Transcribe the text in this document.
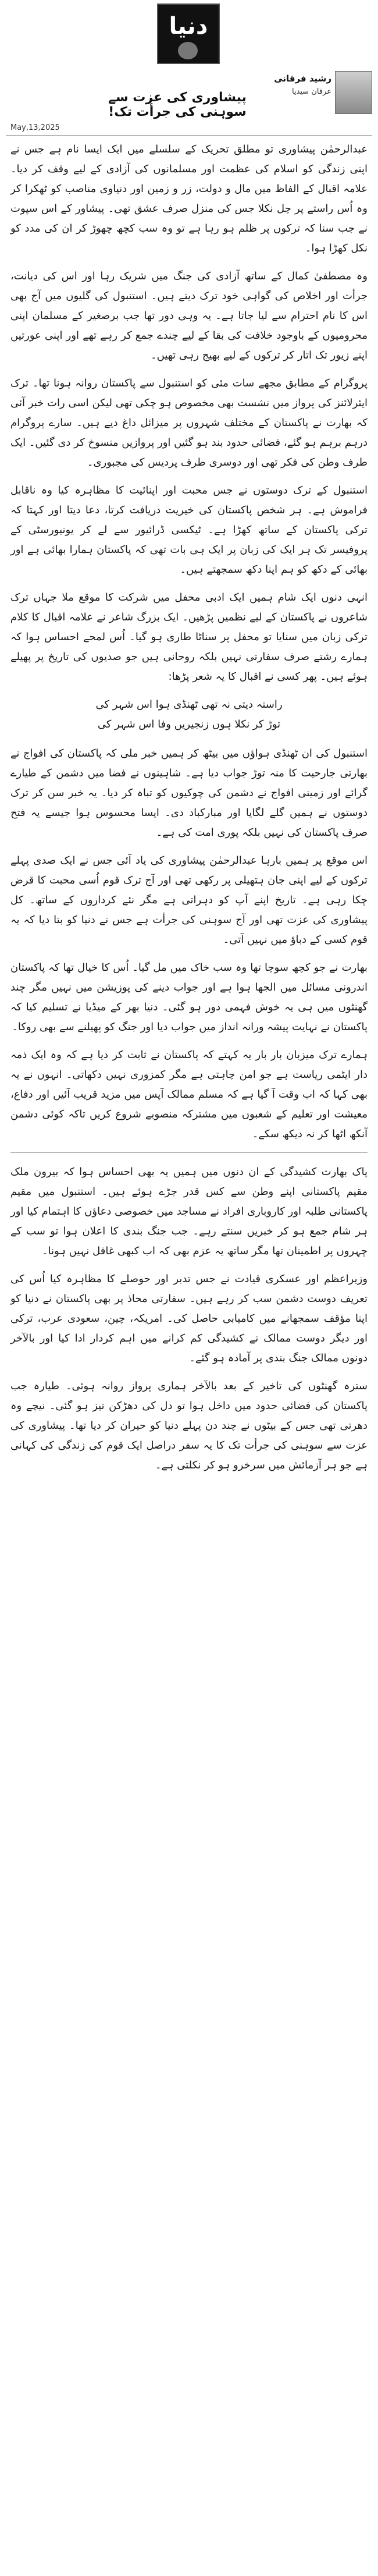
دنیا
رشید فرقانی
عرفان سیدیا
پیشاوری کی عزت سے سوہنی کی جرأت تک!
May,13,2025

عبدالرحمٰن پیشاوری تو مطلق تحریک کے سلسلے میں ایک ایسا نام ہے جس نے اپنی زندگی کو اسلام کی عظمت اور مسلمانوں کی آزادی کے لیے وقف کر دیا۔ علامہ اقبال کے الفاظ میں مال و دولت، زر و زمین اور دنیاوی مناصب کو ٹھکرا کر وہ اُس راستے پر چل نکلا جس کی منزل صرف عشق تھی۔ پیشاور کے اس سپوت نے جب سنا کہ ترکوں پر ظلم ہو رہا ہے تو وہ سب کچھ چھوڑ کر ان کی مدد کو نکل کھڑا ہوا۔

وہ مصطفیٰ کمال کے ساتھ آزادی کی جنگ میں شریک رہا اور اس کی دیانت، جرأت اور اخلاص کی گواہی خود ترک دیتے ہیں۔ استنبول کی گلیوں میں آج بھی اس کا نام احترام سے لیا جاتا ہے۔ یہ وہی دور تھا جب برصغیر کے مسلمان اپنی محرومیوں کے باوجود خلافت کی بقا کے لیے چندے جمع کر رہے تھے اور اپنی عورتیں اپنے زیور تک اتار کر ترکوں کے لیے بھیج رہی تھیں۔

پروگرام کے مطابق مجھے سات مئی کو استنبول سے پاکستان روانہ ہونا تھا۔ ترک ایئرلائنز کی پرواز میں نشست بھی مخصوص ہو چکی تھی لیکن اسی رات خبر آئی کہ بھارت نے پاکستان کے مختلف شہروں پر میزائل داغ دیے ہیں۔ سارے پروگرام درہم برہم ہو گئے، فضائی حدود بند ہو گئیں اور پروازیں منسوخ کر دی گئیں۔ ایک طرف وطن کی فکر تھی اور دوسری طرف پردیس کی مجبوری۔

استنبول کے ترک دوستوں نے جس محبت اور اپنائیت کا مظاہرہ کیا وہ ناقابل فراموش ہے۔ ہر شخص پاکستان کی خیریت دریافت کرتا، دعا دیتا اور کہتا کہ ترکی پاکستان کے ساتھ کھڑا ہے۔ ٹیکسی ڈرائیور سے لے کر یونیورسٹی کے پروفیسر تک ہر ایک کی زبان پر ایک ہی بات تھی کہ پاکستان ہمارا بھائی ہے اور بھائی کے دکھ کو ہم اپنا دکھ سمجھتے ہیں۔

انہی دنوں ایک شام ہمیں ایک ادبی محفل میں شرکت کا موقع ملا جہاں ترک شاعروں نے پاکستان کے لیے نظمیں پڑھیں۔ ایک بزرگ شاعر نے علامہ اقبال کا کلام ترکی زبان میں سنایا تو محفل پر سناٹا طاری ہو گیا۔ اُس لمحے احساس ہوا کہ ہمارے رشتے صرف سفارتی نہیں بلکہ روحانی ہیں جو صدیوں کی تاریخ پر پھیلے ہوئے ہیں۔ پھر کسی نے اقبال کا یہ شعر پڑھا:

راستہ دیتی نہ تھی ٹھنڈی ہوا اس شہر کی
توڑ کر نکلا ہوں زنجیریں وفا اس شہر کی

استنبول کی ان ٹھنڈی ہواؤں میں بیٹھ کر ہمیں خبر ملی کہ پاکستان کی افواج نے بھارتی جارحیت کا منہ توڑ جواب دیا ہے۔ شاہینوں نے فضا میں دشمن کے طیارے گرائے اور زمینی افواج نے دشمن کی چوکیوں کو تباہ کر دیا۔ یہ خبر سن کر ترک دوستوں نے ہمیں گلے لگایا اور مبارکباد دی۔ ایسا محسوس ہوا جیسے یہ فتح صرف پاکستان کی نہیں بلکہ پوری امت کی ہے۔

اس موقع پر ہمیں بارہا عبدالرحمٰن پیشاوری کی یاد آئی جس نے ایک صدی پہلے ترکوں کے لیے اپنی جان ہتھیلی پر رکھی تھی اور آج ترک قوم اُسی محبت کا قرض چکا رہی ہے۔ تاریخ اپنے آپ کو دہراتی ہے مگر نئے کرداروں کے ساتھ۔ کل پیشاوری کی عزت تھی اور آج سوہنی کی جرأت ہے جس نے دنیا کو بتا دیا کہ یہ قوم کسی کے دباؤ میں نہیں آتی۔

بھارت نے جو کچھ سوچا تھا وہ سب خاک میں مل گیا۔ اُس کا خیال تھا کہ پاکستان اندرونی مسائل میں الجھا ہوا ہے اور جواب دینے کی پوزیشن میں نہیں مگر چند گھنٹوں میں ہی یہ خوش فہمی دور ہو گئی۔ دنیا بھر کے میڈیا نے تسلیم کیا کہ پاکستان نے نہایت پیشہ ورانہ انداز میں جواب دیا اور جنگ کو پھیلنے سے بھی روکا۔

ہمارے ترک میزبان بار بار یہ کہتے کہ پاکستان نے ثابت کر دیا ہے کہ وہ ایک ذمہ دار ایٹمی ریاست ہے جو امن چاہتی ہے مگر کمزوری نہیں دکھاتی۔ انہوں نے یہ بھی کہا کہ اب وقت آ گیا ہے کہ مسلم ممالک آپس میں مزید قریب آئیں اور دفاع، معیشت اور تعلیم کے شعبوں میں مشترکہ منصوبے شروع کریں تاکہ کوئی دشمن آنکھ اٹھا کر نہ دیکھ سکے۔

پاک بھارت کشیدگی کے ان دنوں میں ہمیں یہ بھی احساس ہوا کہ بیرون ملک مقیم پاکستانی اپنے وطن سے کس قدر جڑے ہوئے ہیں۔ استنبول میں مقیم پاکستانی طلبہ اور کاروباری افراد نے مساجد میں خصوصی دعاؤں کا اہتمام کیا اور ہر شام جمع ہو کر خبریں سنتے رہے۔ جب جنگ بندی کا اعلان ہوا تو سب کے چہروں پر اطمینان تھا مگر ساتھ یہ عزم بھی کہ اب کبھی غافل نہیں ہونا۔

وزیراعظم اور عسکری قیادت نے جس تدبر اور حوصلے کا مظاہرہ کیا اُس کی تعریف دوست دشمن سب کر رہے ہیں۔ سفارتی محاذ پر بھی پاکستان نے دنیا کو اپنا مؤقف سمجھانے میں کامیابی حاصل کی۔ امریکہ، چین، سعودی عرب، ترکی اور دیگر دوست ممالک نے کشیدگی کم کرانے میں اہم کردار ادا کیا اور بالآخر دونوں ممالک جنگ بندی پر آمادہ ہو گئے۔

سترہ گھنٹوں کی تاخیر کے بعد بالآخر ہماری پرواز روانہ ہوئی۔ طیارہ جب پاکستان کی فضائی حدود میں داخل ہوا تو دل کی دھڑکن تیز ہو گئی۔ نیچے وہ دھرتی تھی جس کے بیٹوں نے چند دن پہلے دنیا کو حیران کر دیا تھا۔ پیشاوری کی عزت سے سوہنی کی جرأت تک کا یہ سفر دراصل ایک قوم کی زندگی کی کہانی ہے جو ہر آزمائش میں سرخرو ہو کر نکلتی ہے۔
